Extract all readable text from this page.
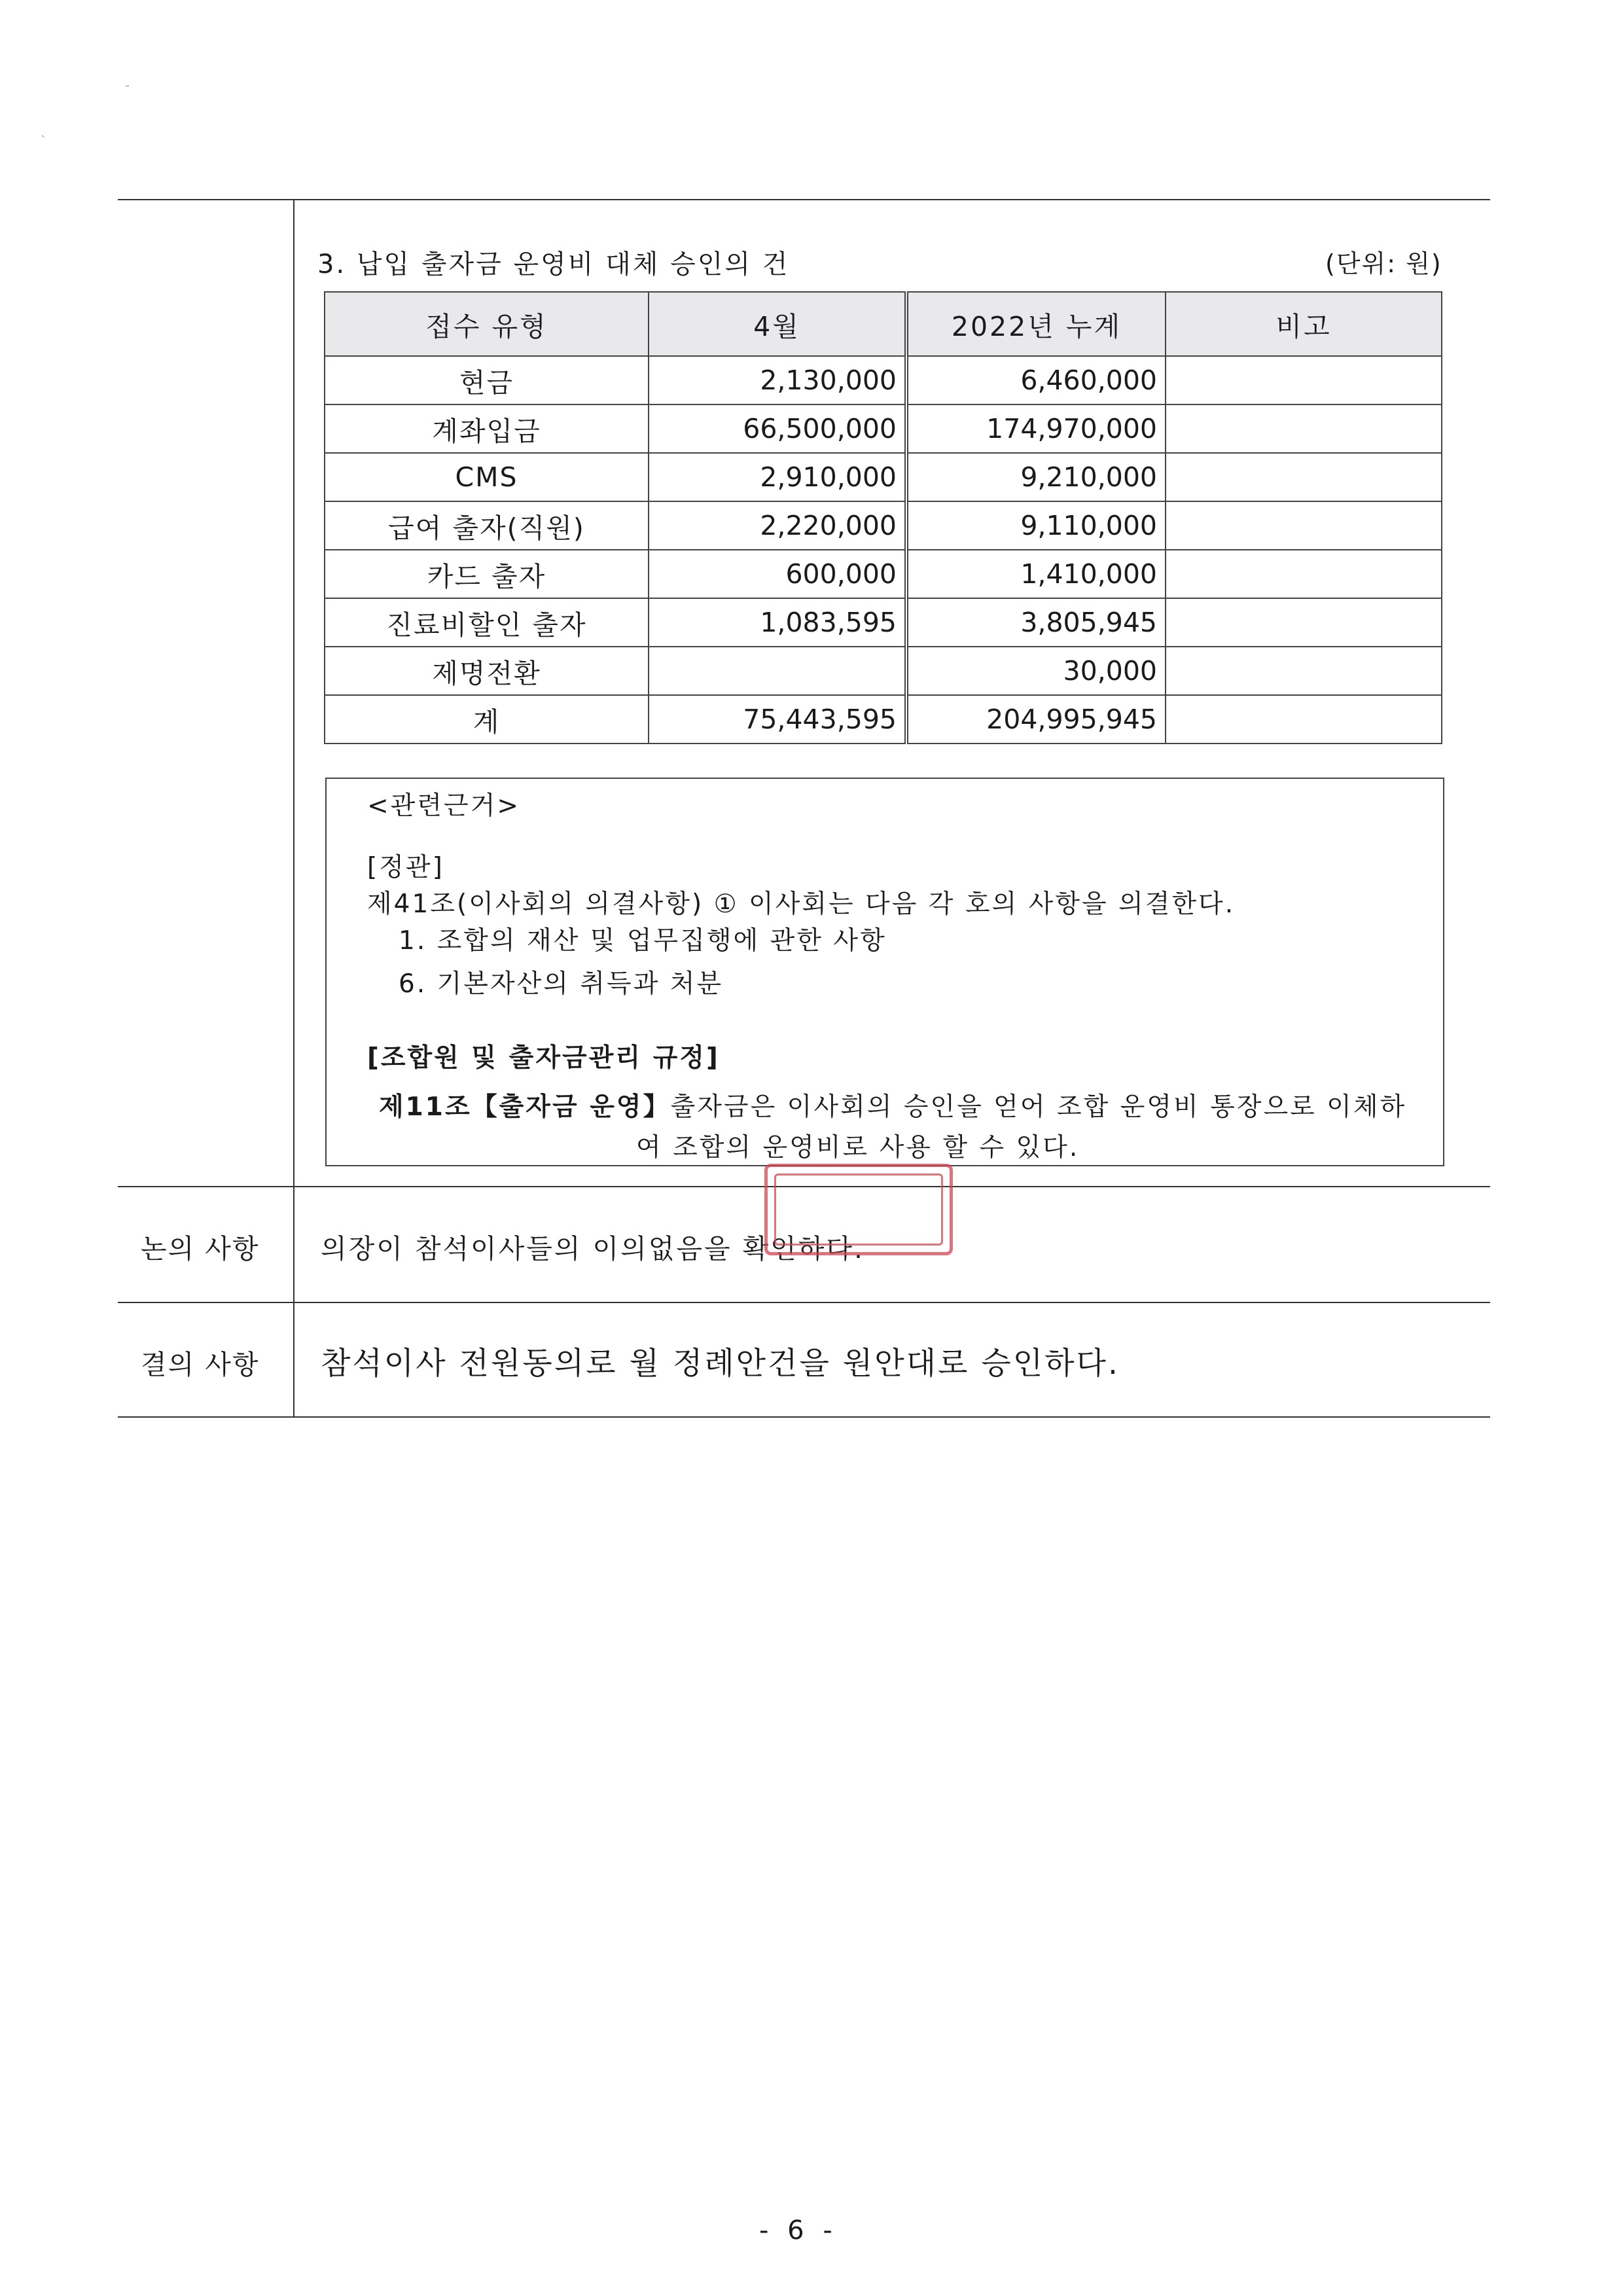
˘
`
3. 납입 출자금 운영비 대체 승인의 건	(단위: 원)
접수 유형	4월	2022년 누계	비고
현금	2,130,000	6,460,000	
계좌입금	66,500,000	174,970,000	
CMS	2,910,000	9,210,000	
급여 출자(직원)	2,220,000	9,110,000	
카드 출자	600,000	1,410,000	
진료비할인 출자	1,083,595	3,805,945	
제명전환		30,000	
계	75,443,595	204,995,945	
<관련근거>
[정관]
제41조(이사회의 의결사항) ① 이사회는 다음 각 호의 사항을 의결한다.
1. 조합의 재산 및 업무집행에 관한 사항
6. 기본자산의 취득과 처분
[조합원 및 출자금관리 규정]
제11조【출자금 운영】출자금은 이사회의 승인을 얻어 조합 운영비 통장으로 이체하
여 조합의 운영비로 사용 할 수 있다.
논의 사항 의장이 참석이사들의 이의없음을 확인하다.
결의 사항 참석이사 전원동의로 월 정례안건을 원안대로 승인하다.
- 6 -
